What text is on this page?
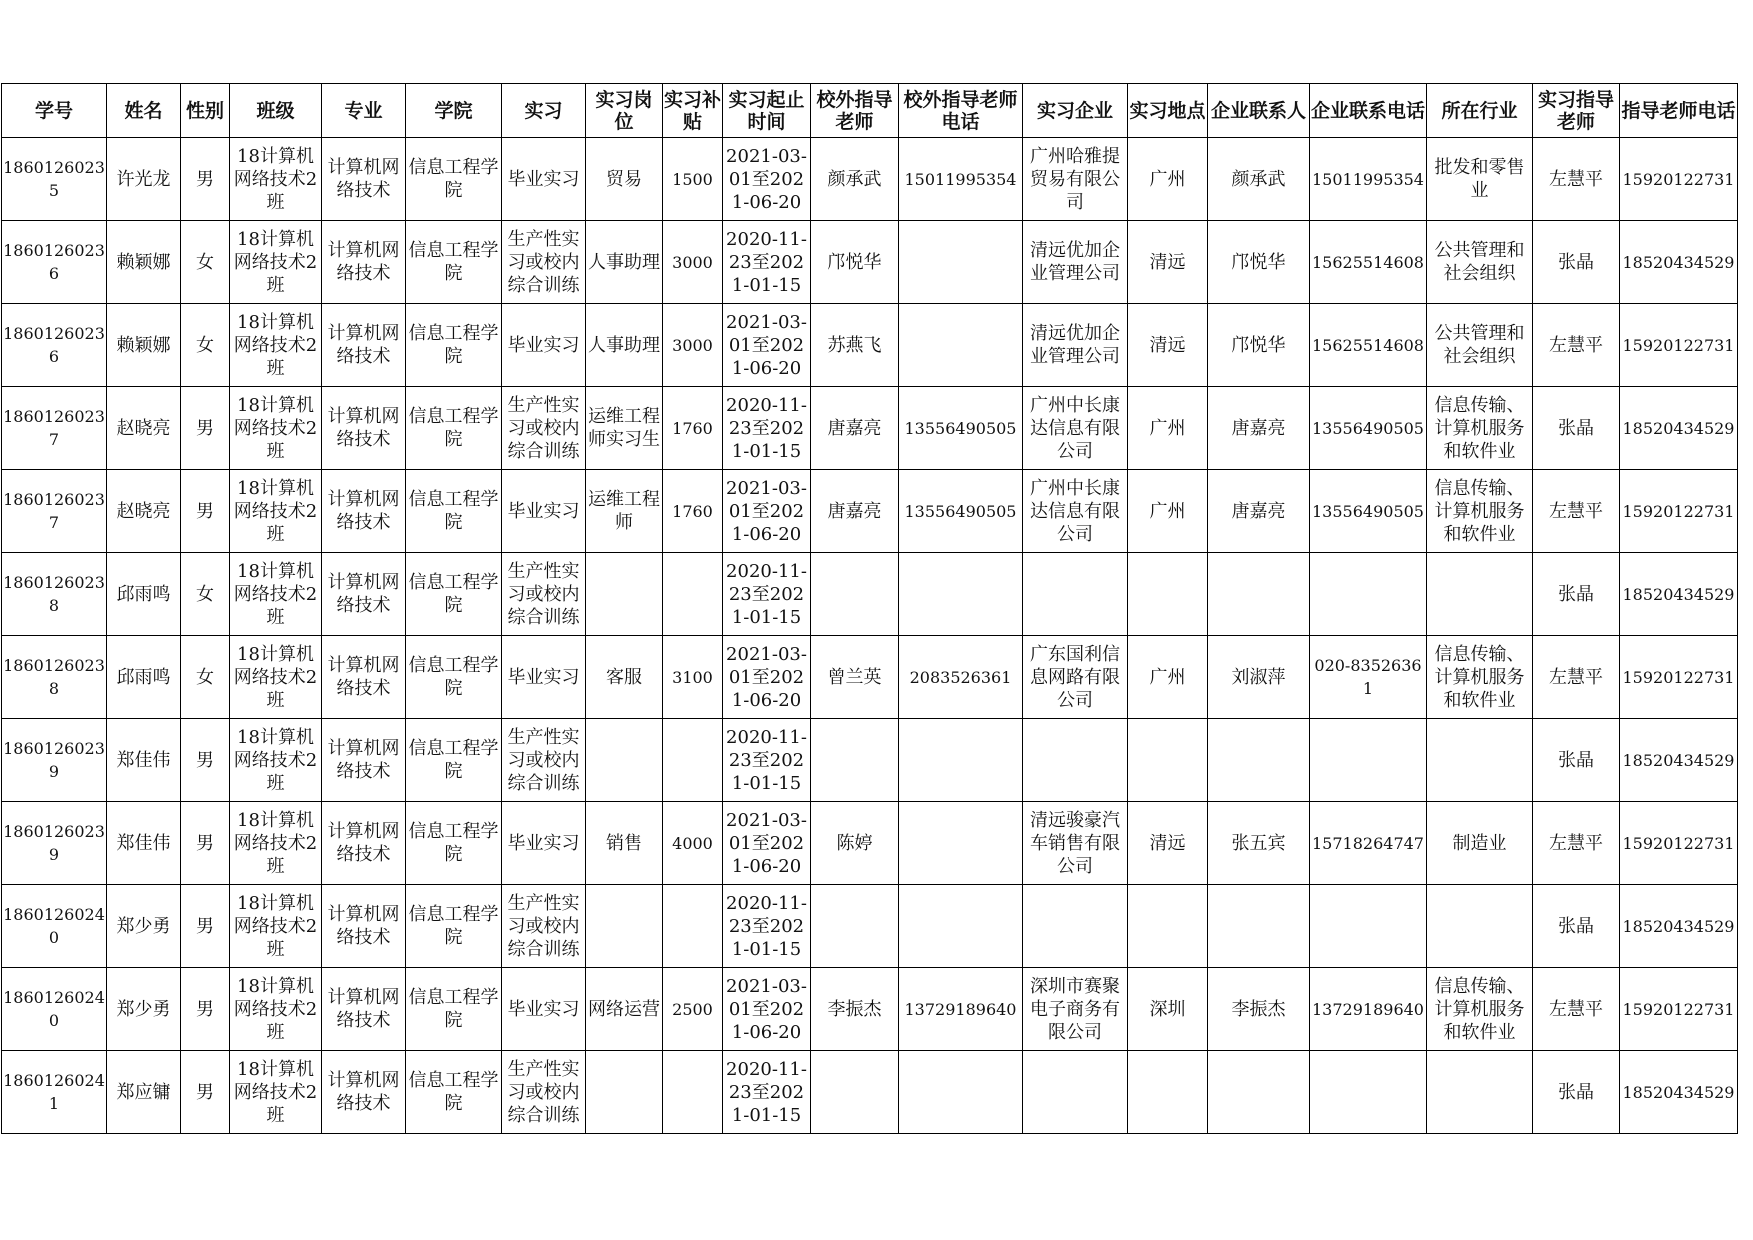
学号	姓名	性别	班级	专业	学院	实习	实习岗位	实习补贴	实习起止时间	校外指导老师	校外指导老师电话	实习企业	实习地点	企业联系人	企业联系电话	所在行业	实习指导老师	指导老师电话

18601260235	许光龙	男	18计算机网络技术2班	计算机网络技术	信息工程学院	毕业实习	贸易	1500	2021-03-01至2021-06-20	颜承武	15011995354	广州哈雅提贸易有限公司	广州	颜承武	15011995354	批发和零售业	左慧平	15920122731

18601260236	赖颖娜	女	18计算机网络技术2班	计算机网络技术	信息工程学院	生产性实习或校内综合训练	人事助理	3000	2020-11-23至2021-01-15	邝悦华		清远优加企业管理公司	清远	邝悦华	15625514608	公共管理和社会组织	张晶	18520434529

18601260236	赖颖娜	女	18计算机网络技术2班	计算机网络技术	信息工程学院	毕业实习	人事助理	3000	2021-03-01至2021-06-20	苏燕飞		清远优加企业管理公司	清远	邝悦华	15625514608	公共管理和社会组织	左慧平	15920122731

18601260237	赵晓亮	男	18计算机网络技术2班	计算机网络技术	信息工程学院	生产性实习或校内综合训练	运维工程师实习生	1760	2020-11-23至2021-01-15	唐嘉亮	13556490505	广州中长康达信息有限公司	广州	唐嘉亮	13556490505	信息传输、计算机服务和软件业	张晶	18520434529

18601260237	赵晓亮	男	18计算机网络技术2班	计算机网络技术	信息工程学院	毕业实习	运维工程师	1760	2021-03-01至2021-06-20	唐嘉亮	13556490505	广州中长康达信息有限公司	广州	唐嘉亮	13556490505	信息传输、计算机服务和软件业	左慧平	15920122731

18601260238	邱雨鸣	女	18计算机网络技术2班	计算机网络技术	信息工程学院	生产性实习或校内综合训练			2020-11-23至2021-01-15								张晶	18520434529

18601260238	邱雨鸣	女	18计算机网络技术2班	计算机网络技术	信息工程学院	毕业实习	客服	3100	2021-03-01至2021-06-20	曾兰英	2083526361	广东国利信息网路有限公司	广州	刘淑萍	020-83526361	信息传输、计算机服务和软件业	左慧平	15920122731

18601260239	郑佳伟	男	18计算机网络技术2班	计算机网络技术	信息工程学院	生产性实习或校内综合训练			2020-11-23至2021-01-15								张晶	18520434529

18601260239	郑佳伟	男	18计算机网络技术2班	计算机网络技术	信息工程学院	毕业实习	销售	4000	2021-03-01至2021-06-20	陈婷		清远骏豪汽车销售有限公司	清远	张五宾	15718264747	制造业	左慧平	15920122731

18601260240	郑少勇	男	18计算机网络技术2班	计算机网络技术	信息工程学院	生产性实习或校内综合训练			2020-11-23至2021-01-15								张晶	18520434529

18601260240	郑少勇	男	18计算机网络技术2班	计算机网络技术	信息工程学院	毕业实习	网络运营	2500	2021-03-01至2021-06-20	李振杰	13729189640	深圳市赛聚电子商务有限公司	深圳	李振杰	13729189640	信息传输、计算机服务和软件业	左慧平	15920122731

18601260241	郑应镛	男	18计算机网络技术2班	计算机网络技术	信息工程学院	生产性实习或校内综合训练			2020-11-23至2021-01-15								张晶	18520434529
